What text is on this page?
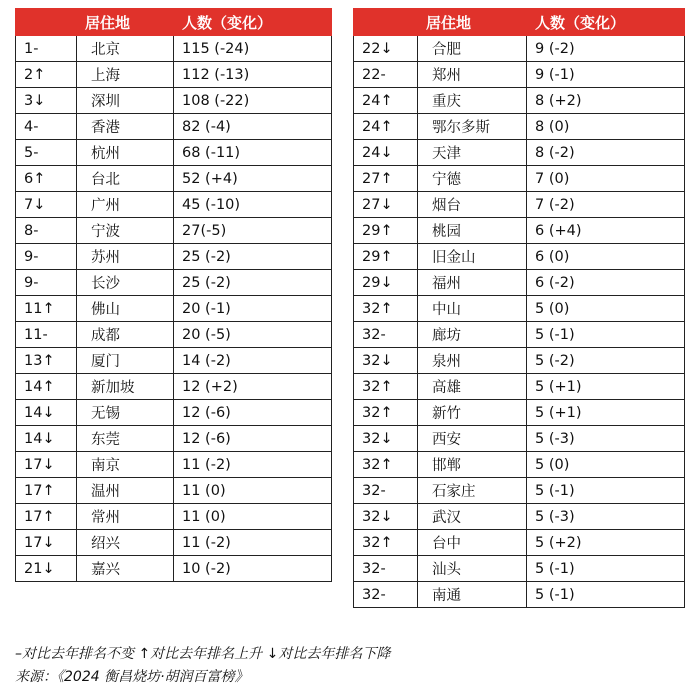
	居住地	人数（变化）
1-	北京	115 (-24)
2↑	上海	112 (-13)
3↓	深圳	108 (-22)
4-	香港	82 (-4)
5-	杭州	68 (-11)
6↑	台北	52 (+4)
7↓	广州	45 (-10)
8-	宁波	27(-5)
9-	苏州	25 (-2)
9-	长沙	25 (-2)
11↑	佛山	20 (-1)
11-	成都	20 (-5)
13↑	厦门	14 (-2)
14↑	新加坡	12 (+2)
14↓	无锡	12 (-6)
14↓	东莞	12 (-6)
17↓	南京	11 (-2)
17↑	温州	11 (0)
17↑	常州	11 (0)
17↓	绍兴	11 (-2)
21↓	嘉兴	10 (-2)
	居住地	人数（变化）
22↓	合肥	9 (-2)
22-	郑州	9 (-1)
24↑	重庆	8 (+2)
24↑	鄂尔多斯	8 (0)
24↓	天津	8 (-2)
27↑	宁德	7 (0)
27↓	烟台	7 (-2)
29↑	桃园	6 (+4)
29↑	旧金山	6 (0)
29↓	福州	6 (-2)
32↑	中山	5 (0)
32-	廊坊	5 (-1)
32↓	泉州	5 (-2)
32↑	高雄	5 (+1)
32↑	新竹	5 (+1)
32↓	西安	5 (-3)
32↑	邯郸	5 (0)
32-	石家庄	5 (-1)
32↓	武汉	5 (-3)
32↑	台中	5 (+2)
32-	汕头	5 (-1)
32-	南通	5 (-1)
–对比去年排名不变 ↑对比去年排名上升 ↓对比去年排名下降
来源：《2024 衡昌烧坊·胡润百富榜》
